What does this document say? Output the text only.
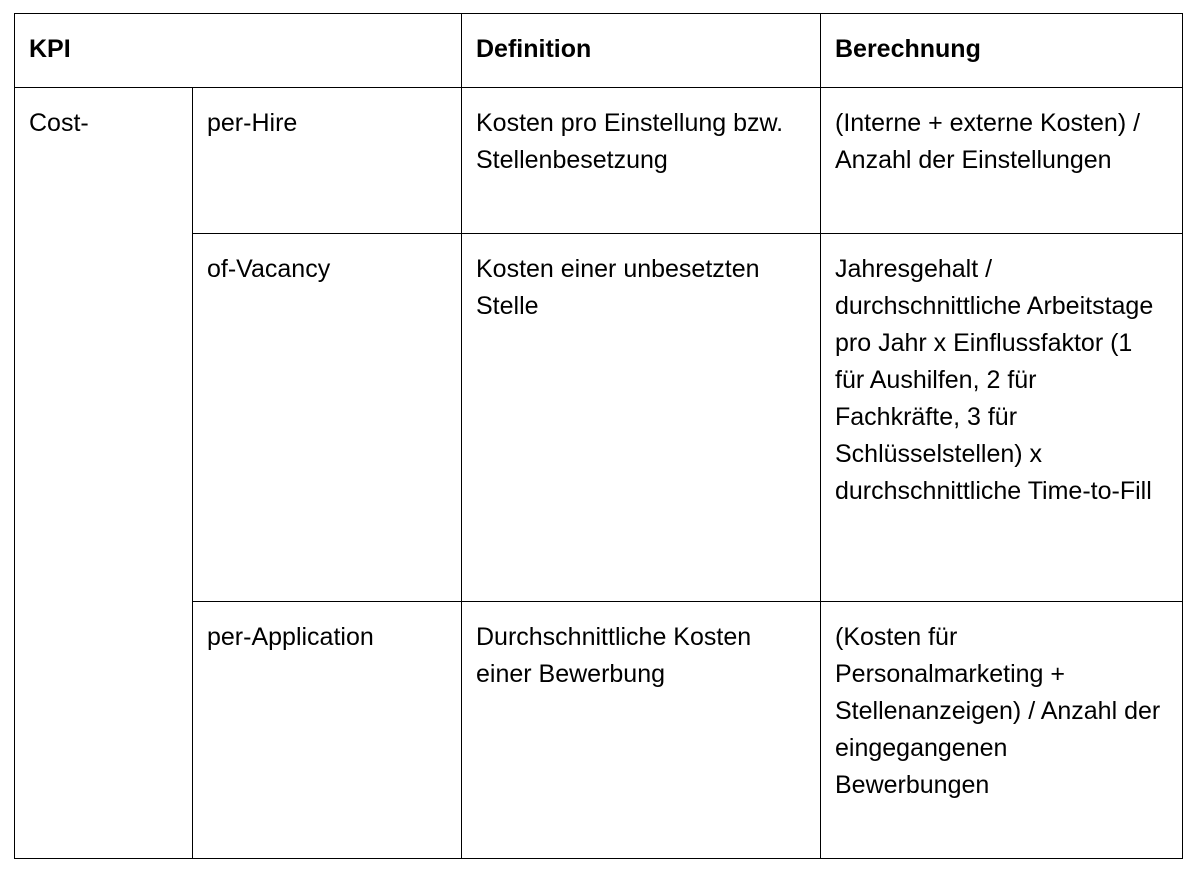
KPI		Definition	Berechnung
Cost-	per-Hire	Kosten pro Einstellung bzw. Stellenbesetzung	(Interne + externe Kosten) / Anzahl der Einstellungen
	of-Vacancy	Kosten einer unbesetzten Stelle	Jahresgehalt / durchschnittliche Arbeitstage pro Jahr x Einflussfaktor (1 für Aushilfen, 2 für Fachkräfte, 3 für Schlüsselstellen) x durchschnittliche Time-to-Fill
	per-Application	Durchschnittliche Kosten einer Bewerbung	(Kosten für Personalmarketing + Stellenanzeigen) / Anzahl der eingegangenen Bewerbungen
